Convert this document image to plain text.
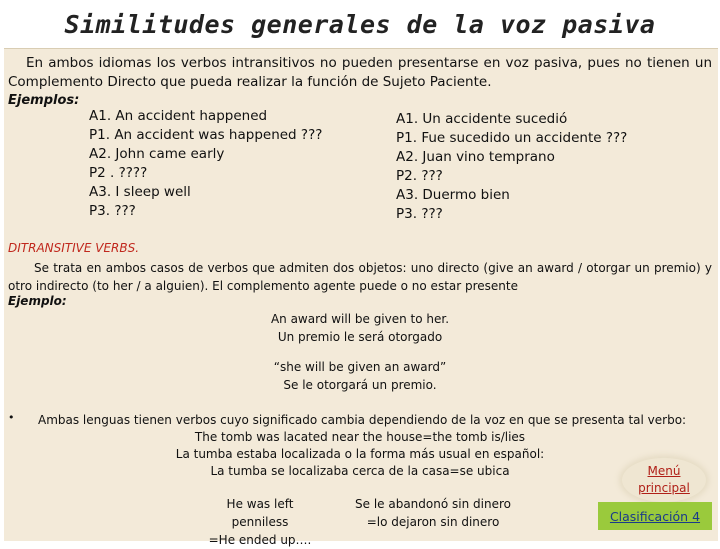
Similitudes generales de la voz pasiva
En ambos idiomas los verbos intransitivos no pueden presentarse en voz pasiva, pues no tienen un Complemento Directo que pueda realizar la función de Sujeto Paciente.
Ejemplos:
A1. An accident happened
P1. An accident was happened ???
A2. John came early
P2 . ????
A3. I sleep well
P3. ???
A1. Un accidente sucedió
P1. Fue sucedido un accidente ???
A2. Juan vino temprano
P2. ???
A3. Duermo bien
P3. ???
DITRANSITIVE VERBS.
Se trata en ambos casos de verbos que admiten dos objetos: uno directo (give an award / otorgar un premio) y otro indirecto (to her / a alguien). El complemento agente puede o no estar presente
Ejemplo:
An award will be given to her.
Un premio le será otorgado
“she will be given an award”
Se le otorgará un premio.
• Ambas lenguas tienen verbos cuyo significado cambia dependiendo de la voz en que se presenta tal verbo:
The tomb was lacated near the house=the tomb is/lies
La tumba estaba localizada o la forma más usual en español:
La tumba se localizaba cerca de la casa=se ubica
He was left penniless
=He ended up….
Se le abandonó sin dinero
=lo dejaron sin dinero
Menú principal
Clasificación 4
